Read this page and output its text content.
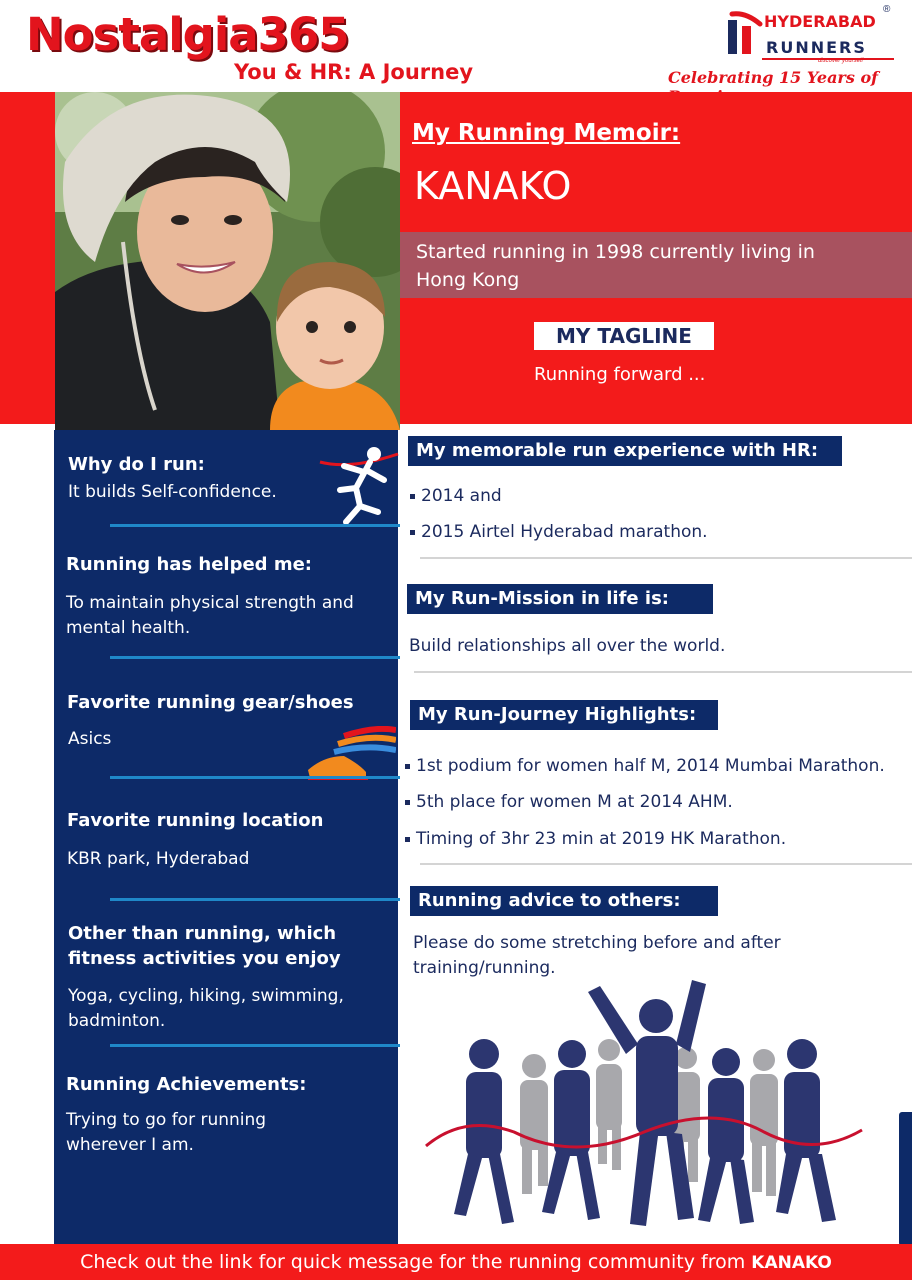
Nostalgia365
You & HR: A Journey
®
HYDERABAD
RUNNERS
discover yourself
Celebrating 15 Years of
My Running Memoir:
KANAKO
Started running in 1998 currently living in Hong Kong
MY TAGLINE
Running forward ...
Why do I run:
It builds Self-confidence.
Running has helped me:
To maintain physical strength and mental health.
Favorite running gear/shoes
Asics
Favorite running location
KBR park, Hyderabad
Other than running, which fitness activities you enjoy
Yoga, cycling, hiking, swimming, badminton.
Running Achievements:
Trying to go for running wherever I am.
My memorable run experience with HR:
2014 and
2015 Airtel Hyderabad marathon.
My Run-Mission in life is:
Build relationships all over the world.
My Run-Journey Highlights:
1st podium for women half M, 2014 Mumbai Marathon.
5th place for women M at 2014 AHM.
Timing of 3hr 23 min at 2019 HK Marathon.
Running advice to others:
Please do some stretching before and after training/running.
Check out the link for quick message for the running community from KANAKO
